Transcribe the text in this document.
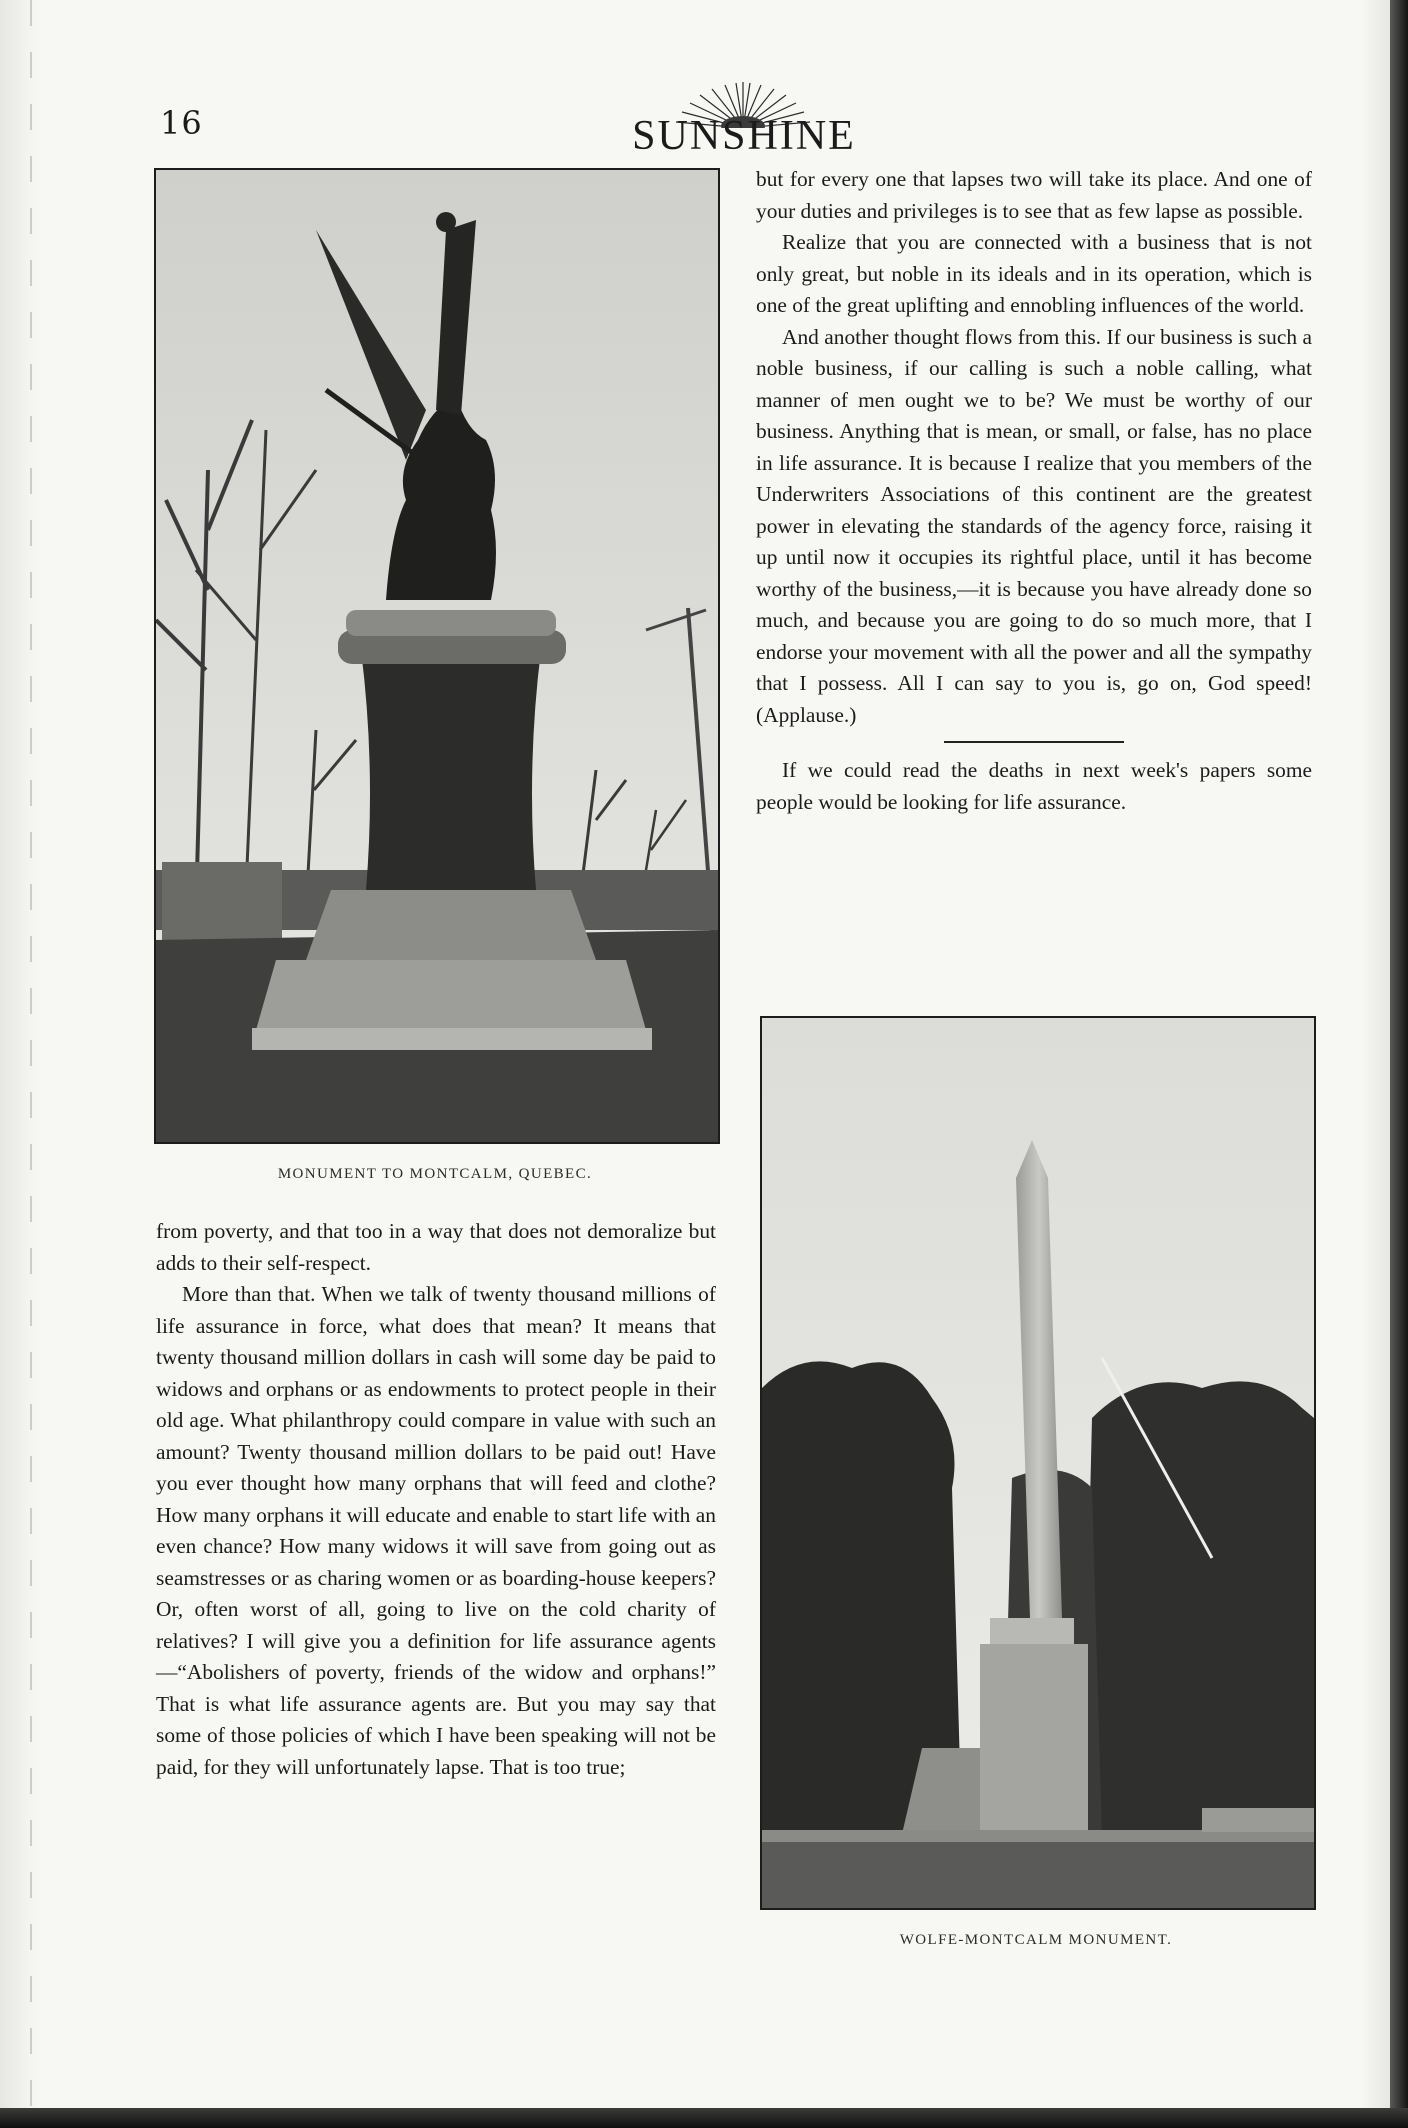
16	SUNSHINE
MONUMENT TO MONTCALM, QUEBEC.
WOLFE-MONTCALM MONUMENT.

but for every one that lapses two will take its place. And one of your duties and privileges is to see that as few lapse as possible.

Realize that you are connected with a business that is not only great, but noble in its ideals and in its operation, which is one of the great uplifting and ennobling influences of the world.

And another thought flows from this. If our business is such a noble business, if our calling is such a noble calling, what manner of men ought we to be? We must be worthy of our business. Anything that is mean, or small, or false, has no place in life assurance. It is because I realize that you members of the Underwriters Associations of this continent are the greatest power in elevating the standards of the agency force, raising it up until now it occupies its rightful place, until it has become worthy of the business,—it is because you have already done so much, and because you are going to do so much more, that I endorse your movement with all the power and all the sympathy that I possess. All I can say to you is, go on, God speed! (Applause.)

If we could read the deaths in next week's papers some people would be looking for life assurance.

from poverty, and that too in a way that does not demoralize but adds to their self-respect.

More than that. When we talk of twenty thousand millions of life assurance in force, what does that mean? It means that twenty thousand million dollars in cash will some day be paid to widows and orphans or as endowments to protect people in their old age. What philanthropy could compare in value with such an amount? Twenty thousand million dollars to be paid out! Have you ever thought how many orphans that will feed and clothe? How many orphans it will educate and enable to start life with an even chance? How many widows it will save from going out as seamstresses or as charing women or as boarding-house keepers? Or, often worst of all, going to live on the cold charity of relatives? I will give you a definition for life assurance agents—“Abolishers of poverty, friends of the widow and orphans!” That is what life assurance agents are. But you may say that some of those policies of which I have been speaking will not be paid, for they will unfortunately lapse. That is too true;
